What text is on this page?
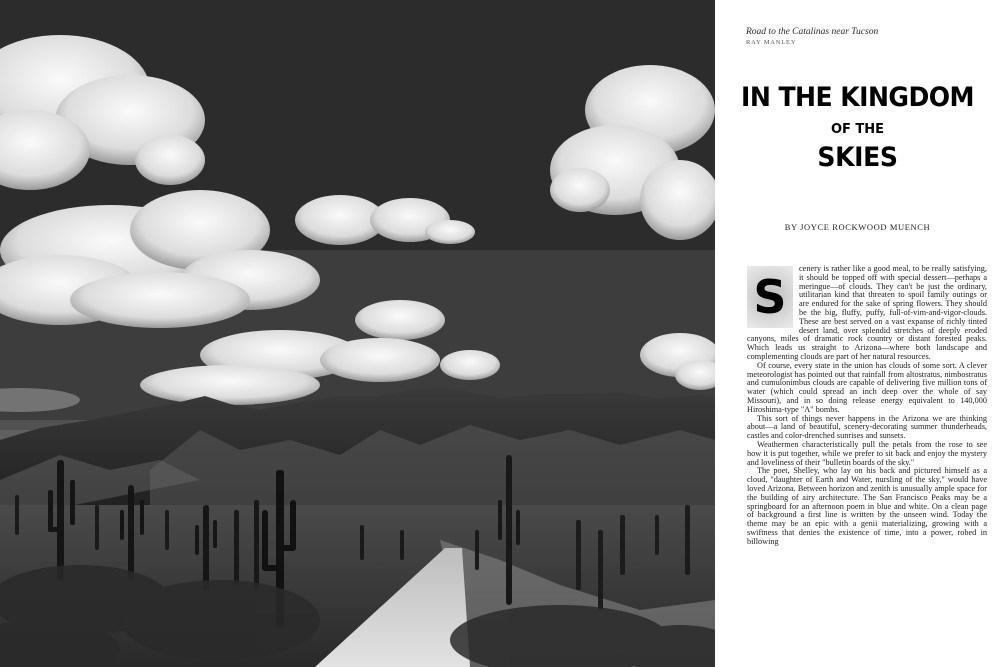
Road to the Catalinas near Tucson
RAY MANLEY
IN THE KINGDOM
OF THE
SKIES
BY JOYCE ROCKWOOD MUENCH
S

cenery is rather like a good meal, to be really satisfying, it should be topped off with special dessert—perhaps a meringue—of clouds. They can't be just the ordinary, utilitarian kind that threaten to spoil family outings or are endured for the sake of spring flowers. They should be the big, fluffy, puffy, full-of-vim-and-vigor-clouds. These are best served on a vast expanse of richly tinted desert land, over splendid stretches of deeply eroded canyons, miles of dramatic rock country or distant forested peaks. Which leads us straight to Arizona—where both landscape and complementing clouds are part of her natural resources.

Of course, every state in the union has clouds of some sort. A clever meteorologist has pointed out that rainfall from altostratus, nimbostratus and cumulonimbus clouds are capable of delivering five million tons of water (which could spread an inch deep over the whole of say Missouri), and in so doing release energy equivalent to 140,000 Hiroshima-type "A" bombs.

This sort of things never happens in the Arizona we are thinking about—a land of beautiful, scenery-decorating summer thunderheads, castles and color-drenched sunrises and sunsets.

Weathermen characteristically pull the petals from the rose to see how it is put together, while we prefer to sit back and enjoy the mystery and loveliness of their "bulletin boards of the sky."

The poet, Shelley, who lay on his back and pictured himself as a cloud, "daughter of Earth and Water, nursling of the sky," would have loved Arizona. Between horizon and zenith is unusually ample space for the building of airy architecture. The San Francisco Peaks may be a springboard for an afternoon poem in blue and white. On a clean page of background a first line is written by the unseen wind. Today the theme may be an epic with a genii materializing, growing with a swiftness that denies the existence of time, into a power, robed in billowing
